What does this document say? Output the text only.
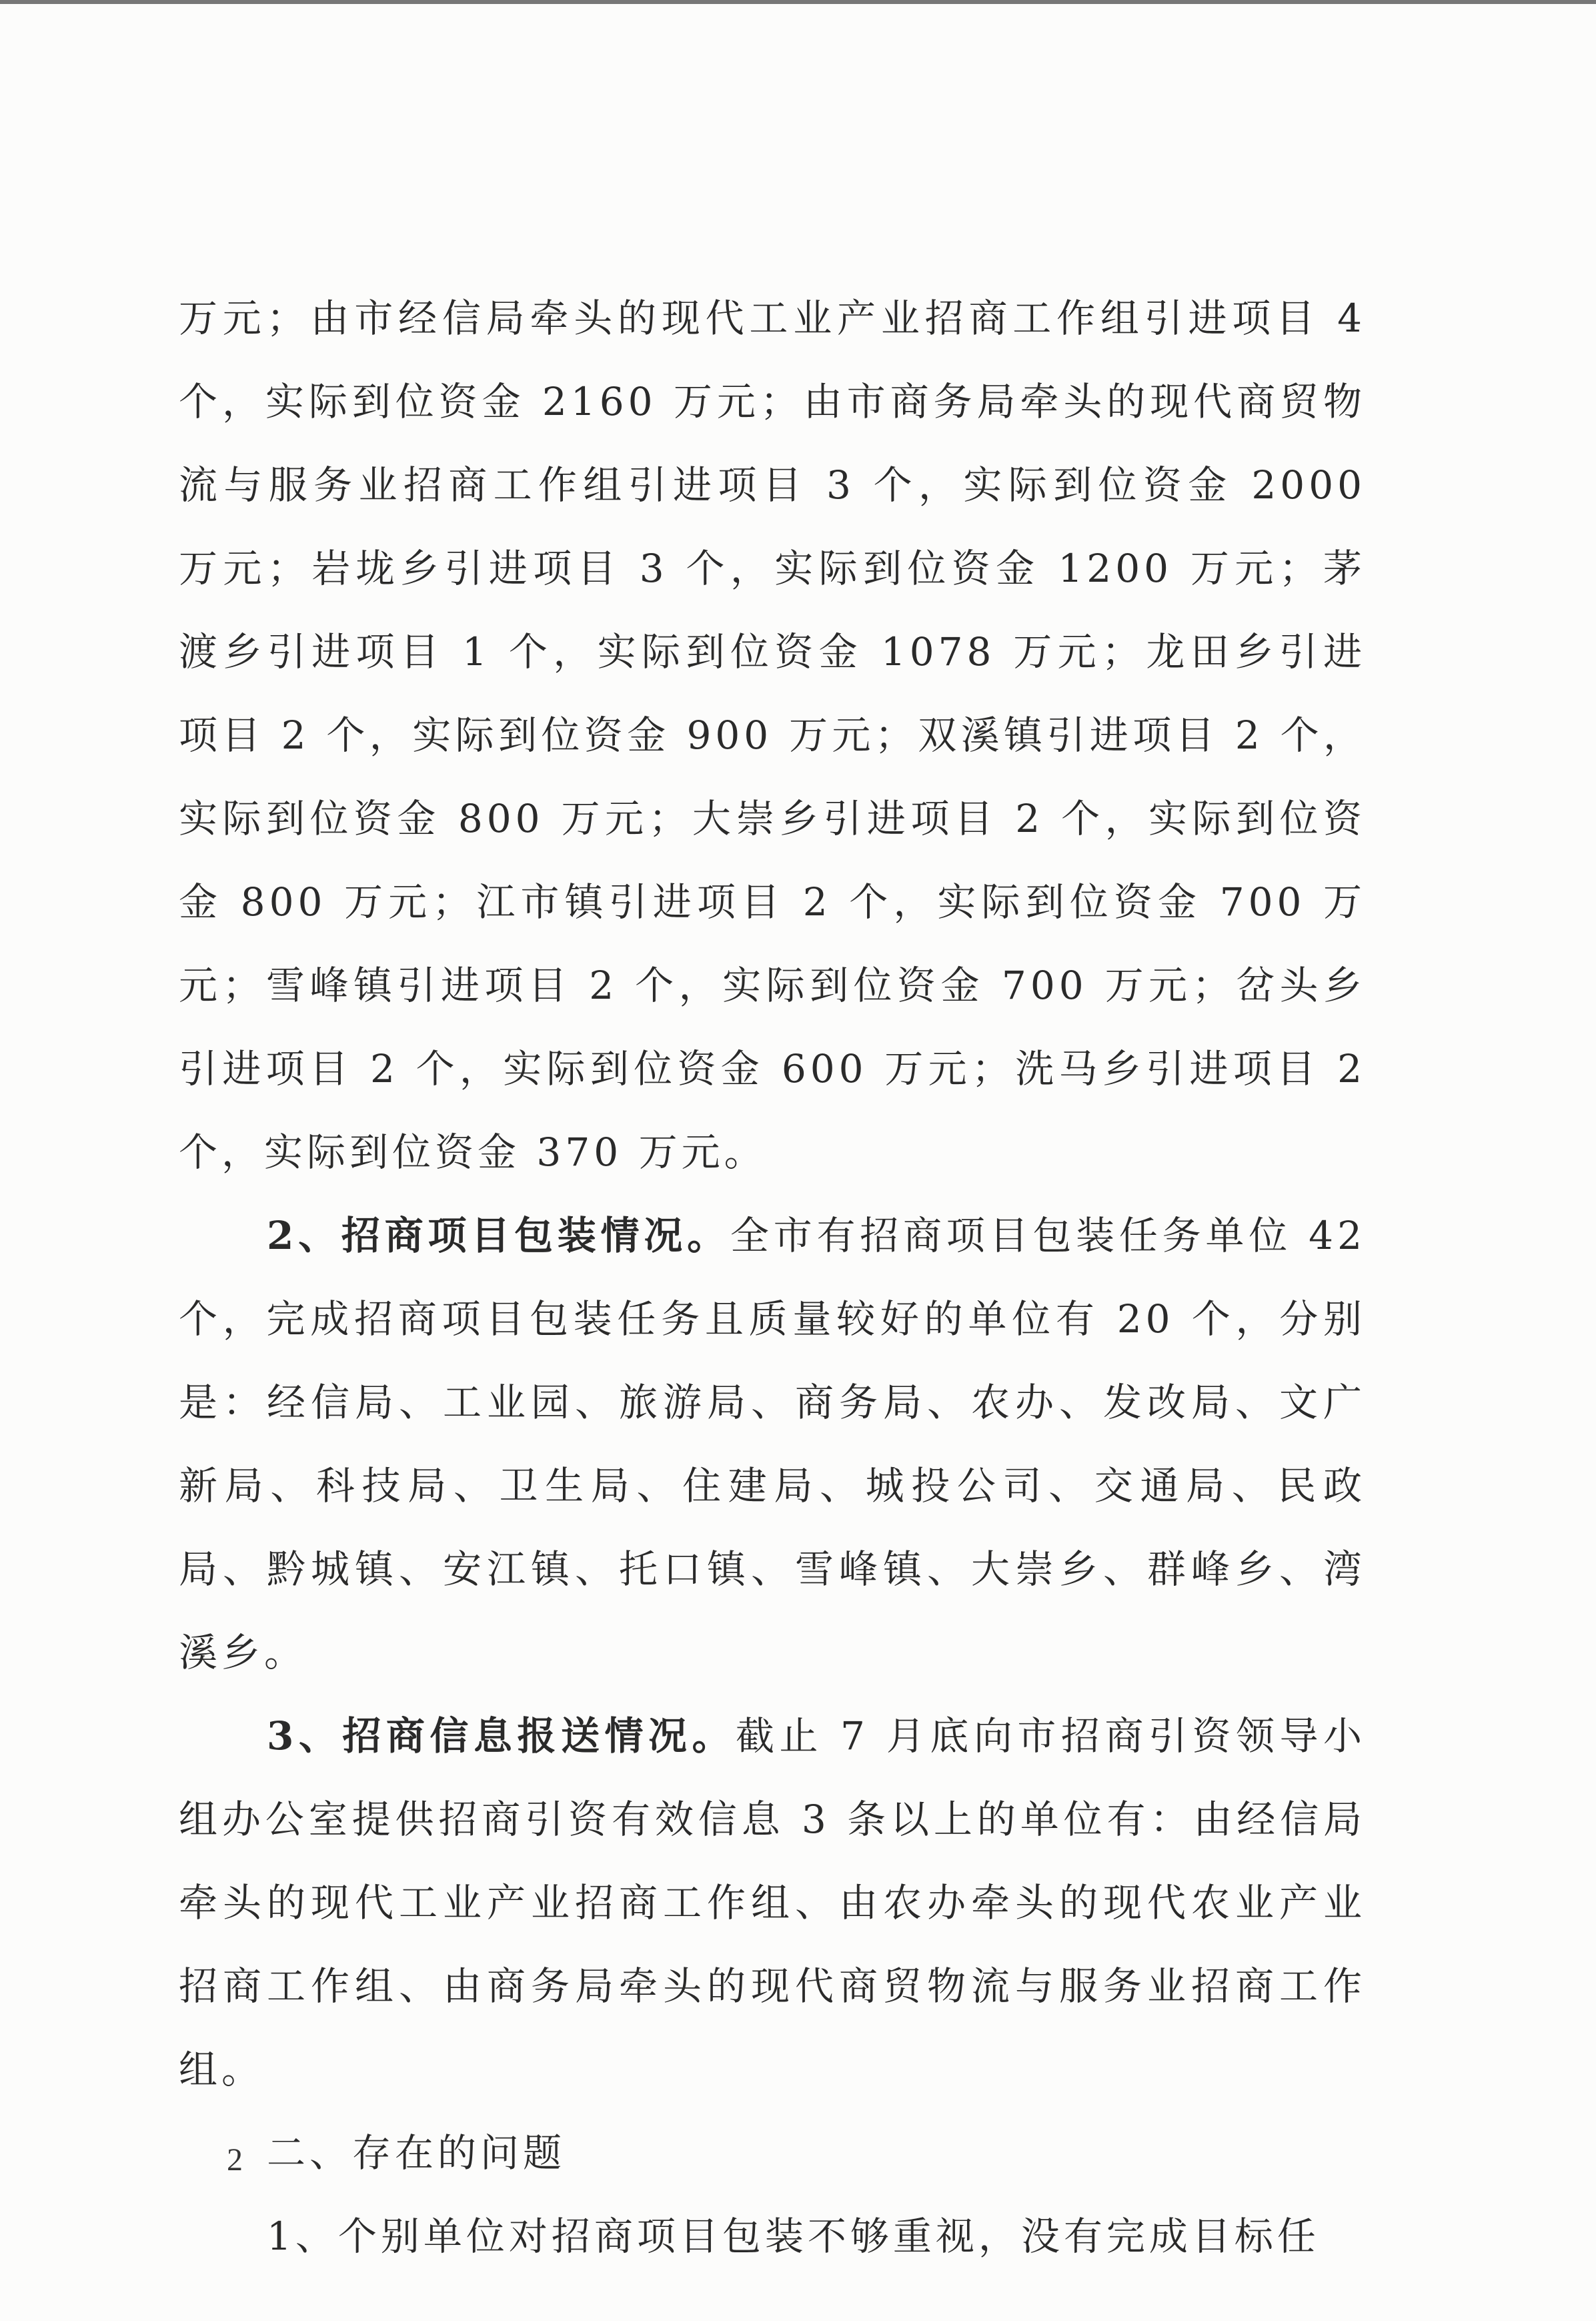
万元；由市经信局牵头的现代工业产业招商工作组引进项目 4 个，实际到位资金 2160 万元；由市商务局牵头的现代商贸物流与服务业招商工作组引进项目 3 个，实际到位资金 2000 万元；岩垅乡引进项目 3 个，实际到位资金 1200 万元；茅渡乡引进项目 1 个，实际到位资金 1078 万元；龙田乡引进项目 2 个，实际到位资金 900 万元；双溪镇引进项目 2 个，实际到位资金 800 万元；大崇乡引进项目 2 个，实际到位资金 800 万元；江市镇引进项目 2 个，实际到位资金 700 万元；雪峰镇引进项目 2 个，实际到位资金 700 万元；岔头乡引进项目 2 个，实际到位资金 600 万元；洗马乡引进项目 2 个，实际到位资金 370 万元。

2、招商项目包装情况。全市有招商项目包装任务单位 42 个，完成招商项目包装任务且质量较好的单位有 20 个，分别是：经信局、工业园、旅游局、商务局、农办、发改局、文广新局、科技局、卫生局、住建局、城投公司、交通局、民政局、黔城镇、安江镇、托口镇、雪峰镇、大崇乡、群峰乡、湾溪乡。

3、招商信息报送情况。截止 7 月底向市招商引资领导小组办公室提供招商引资有效信息 3 条以上的单位有：由经信局牵头的现代工业产业招商工作组、由农办牵头的现代农业产业招商工作组、由商务局牵头的现代商贸物流与服务业招商工作组。

二、存在的问题

1、个别单位对招商项目包装不够重视，没有完成目标任

2
